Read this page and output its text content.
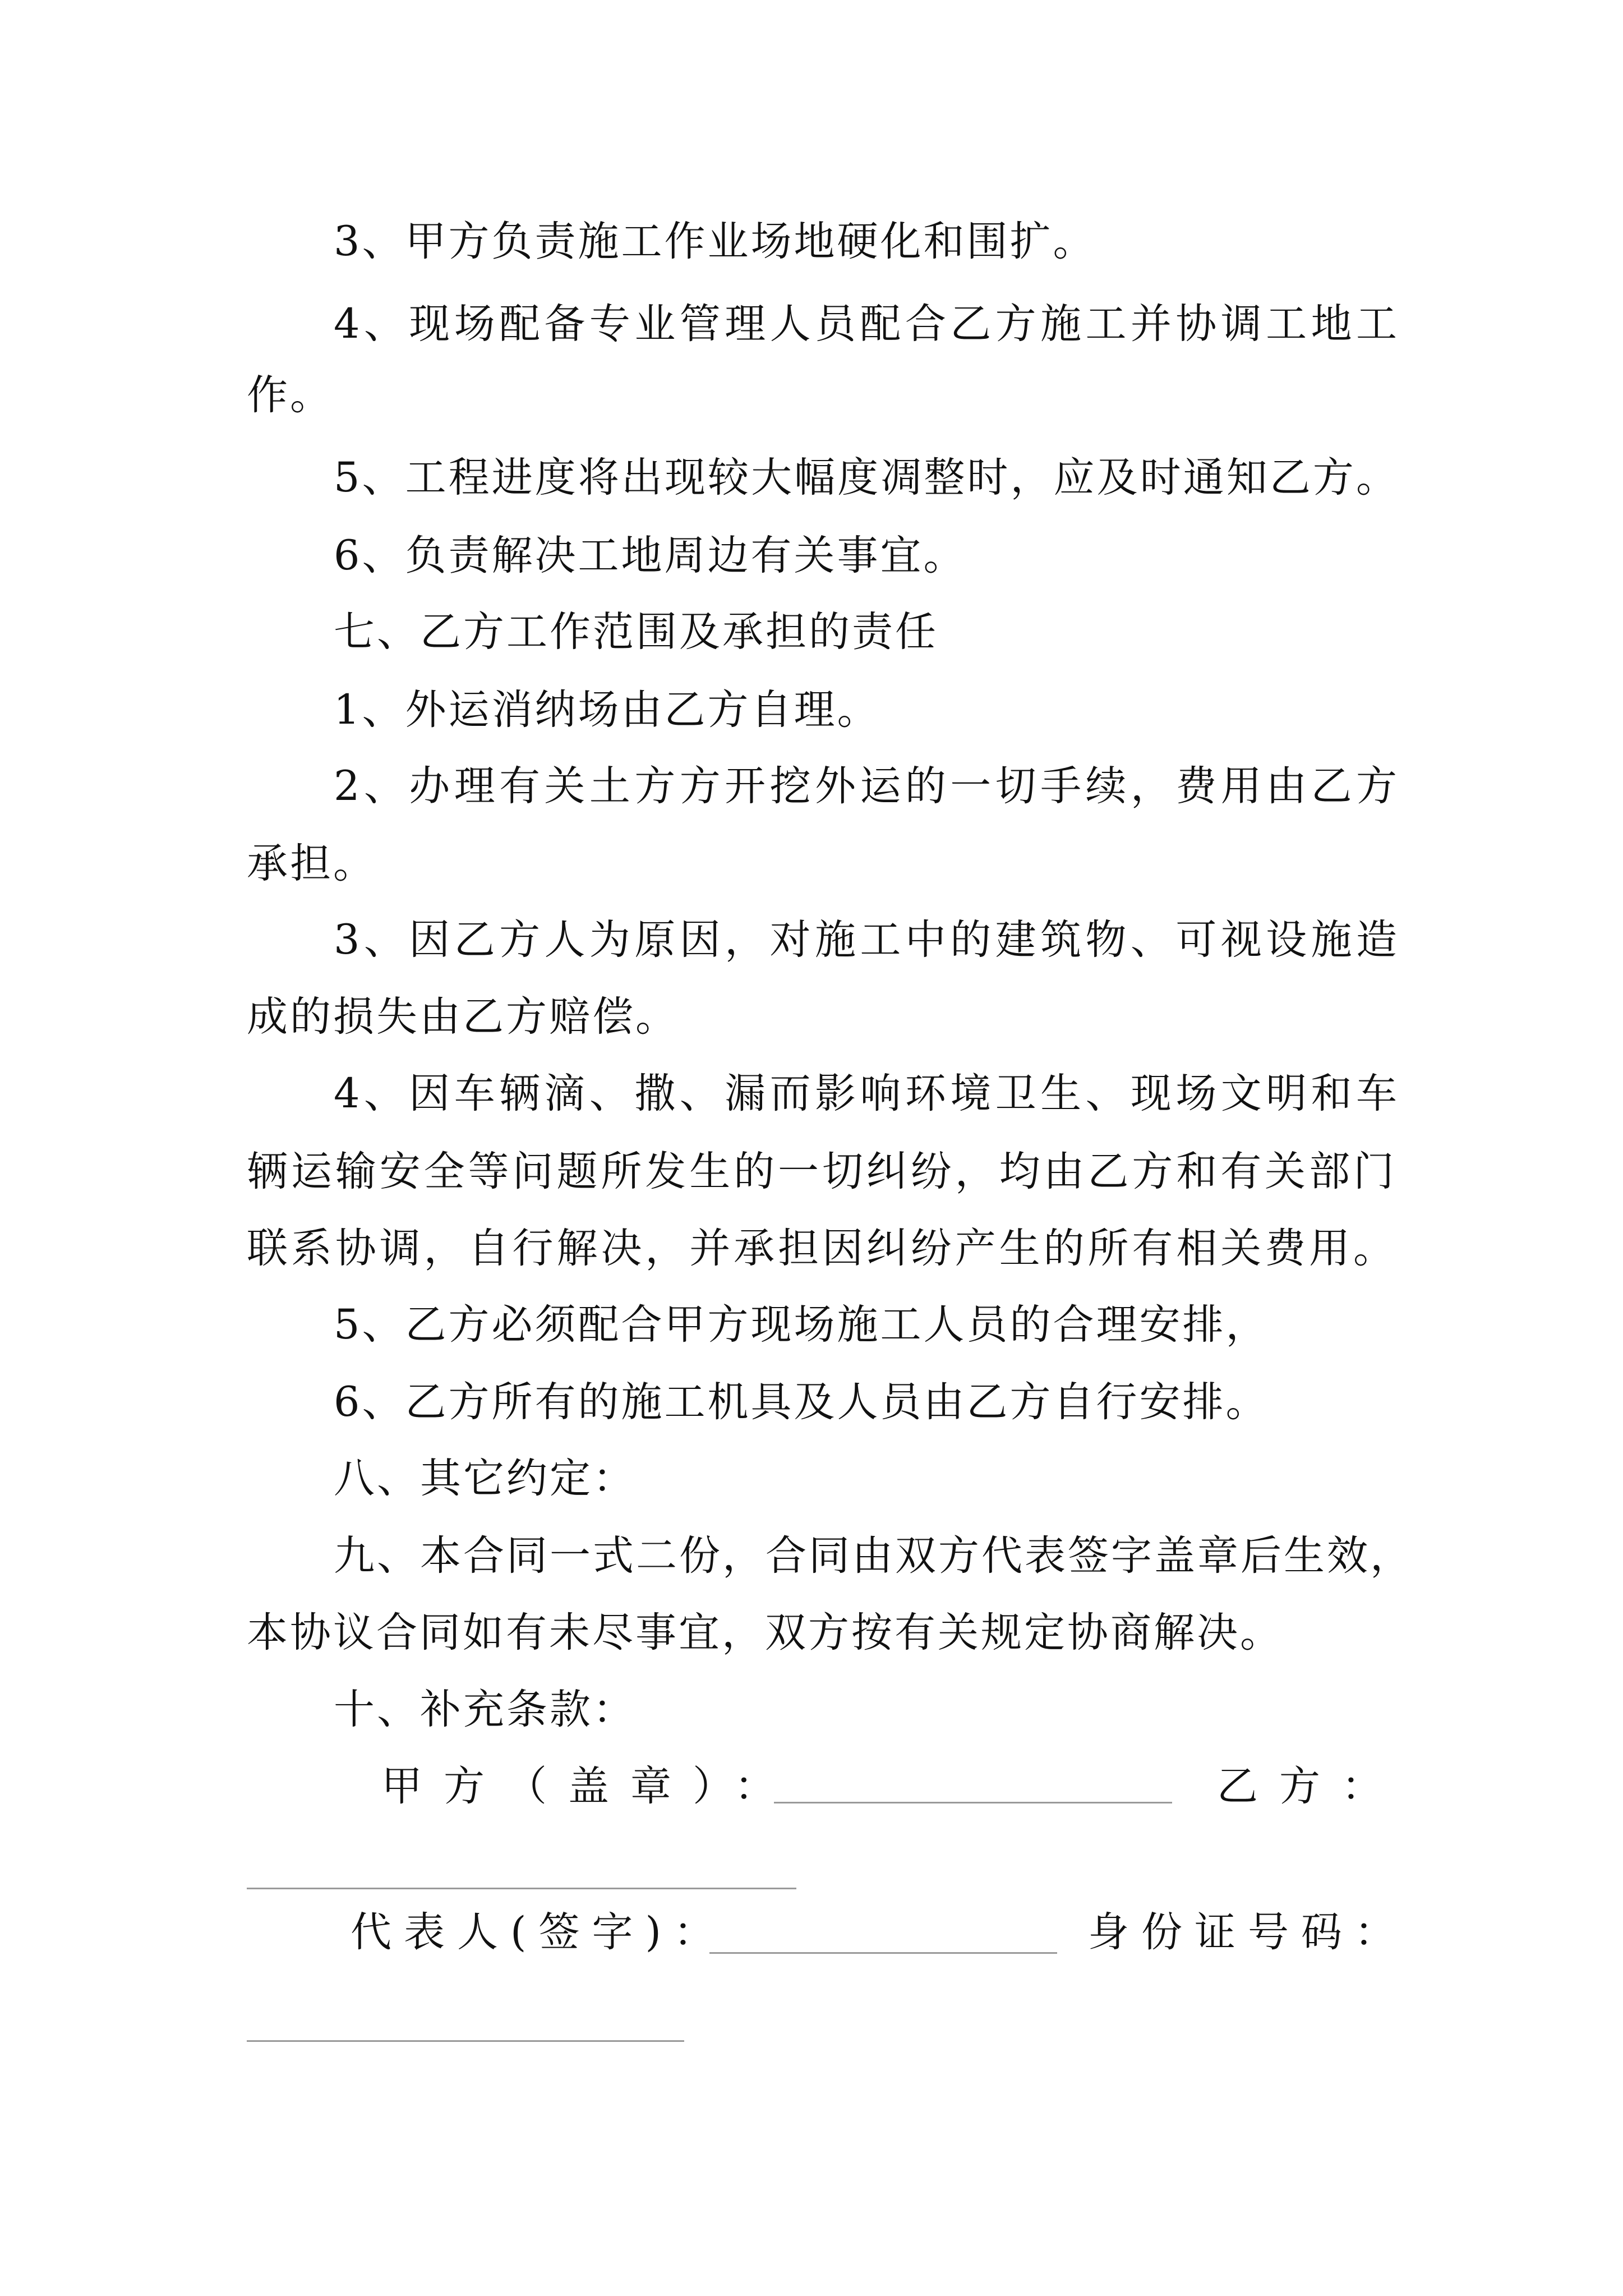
3、甲方负责施工作业场地硬化和围扩。
4、现场配备专业管理人员配合乙方施工并协调工地工
作。
5、工程进度将出现较大幅度凋整时，应及时通知乙方。
6、负责解决工地周边有关事宜。
七、乙方工作范围及承担的责任
1、外运消纳场由乙方自理。
2、办理有关土方方开挖外运的一切手续，费用由乙方
承担。
3、因乙方人为原因，对施工中的建筑物、可视设施造
成的损失由乙方赔偿。
4、因车辆滴、撒、漏而影响环境卫生、现场文明和车
辆运输安全等问题所发生的一切纠纷，均由乙方和有关部门
联系协调，自行解决，并承担因纠纷产生的所有相关费用。
5、乙方必须配合甲方现场施工人员的合理安排，
6、乙方所有的施工机具及人员由乙方自行安排。
八、其它约定：
九、本合同一式二份，合同由双方代表签字盖章后生效，
本协议合同如有未尽事宜，双方按有关规定协商解决。
十、补充条款：
甲方（盖章）：	乙方：
代表人(签字)：	身份证号码：
